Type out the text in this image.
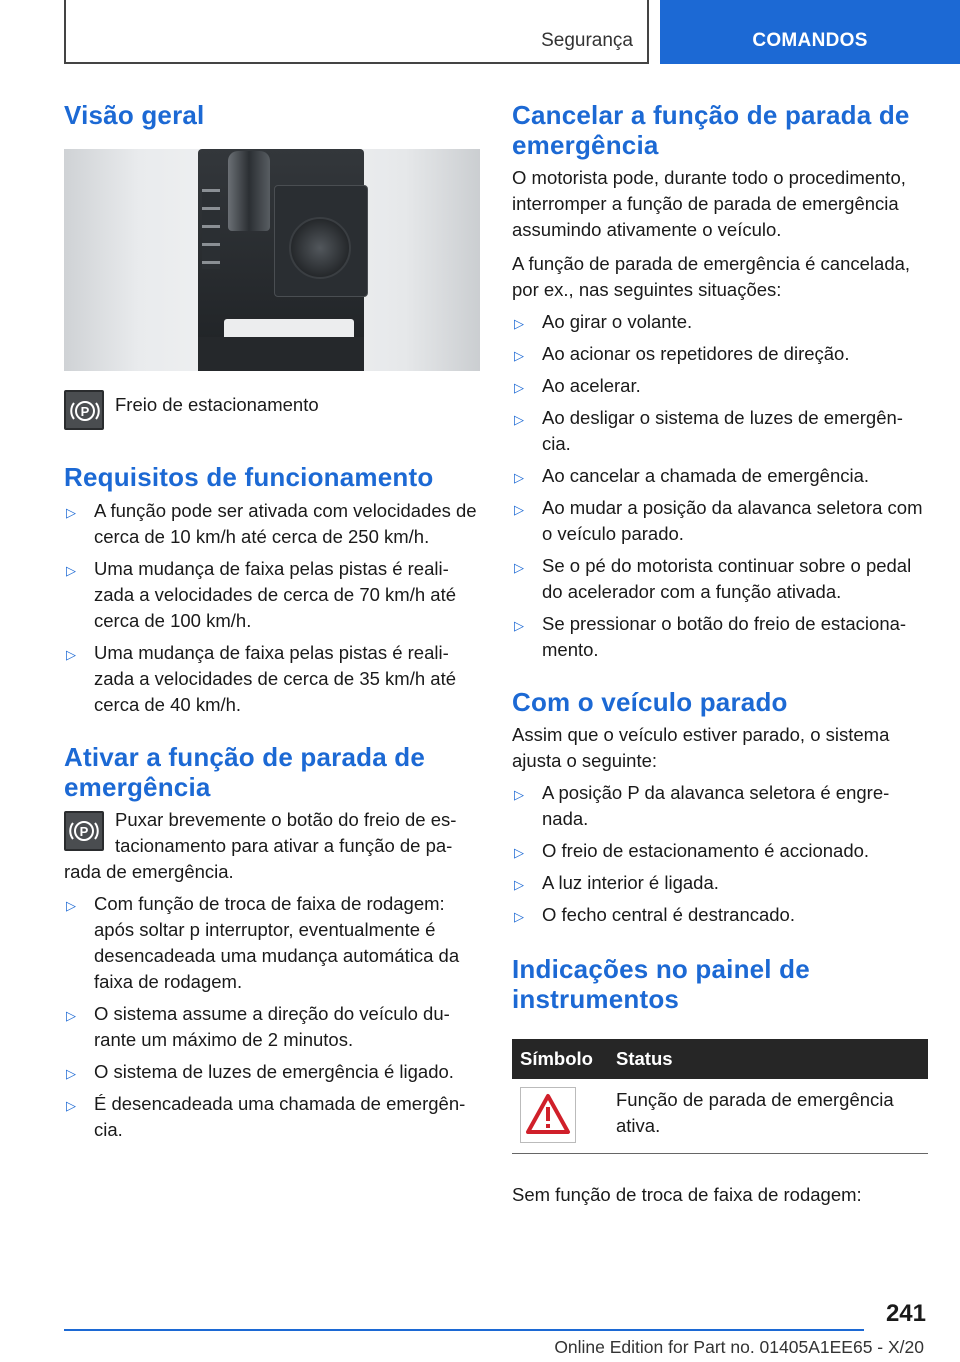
Segurança	COMANDOS
Visão geral
P	Freio de estacionamento
Requisitos de funcionamento
▷ A função pode ser ativada com velocidades de cerca de 10 km/h até cerca de 250 km/h.
▷ Uma mudança de faixa pelas pistas é reali‐zada a velocidades de cerca de 70 km/h até cerca de 100 km/h.
▷ Uma mudança de faixa pelas pistas é reali‐zada a velocidades de cerca de 35 km/h até cerca de 40 km/h.
Ativar a função de parada de emergência

P
Puxar brevemente o botão do freio de es‐tacionamento para ativar a função de pa‐rada de emergência.

▷ Com função de troca de faixa de rodagem: após soltar p interruptor, eventualmente é desencadeada uma mudança automática da faixa de rodagem.
▷ O sistema assume a direção do veículo du‐rante um máximo de 2 minutos.
▷ O sistema de luzes de emergência é ligado.
▷ É desencadeada uma chamada de emergên‐cia.
Cancelar a função de parada de emergência

O motorista pode, durante todo o procedimento, interromper a função de parada de emergência assumindo ativamente o veículo.

A função de parada de emergência é cancelada, por ex., nas seguintes situações:

▷ Ao girar o volante.
▷ Ao acionar os repetidores de direção.
▷ Ao acelerar.
▷ Ao desligar o sistema de luzes de emergên‐cia.
▷ Ao cancelar a chamada de emergência.
▷ Ao mudar a posição da alavanca seletora com o veículo parado.
▷ Se o pé do motorista continuar sobre o pedal do acelerador com a função ativada.
▷ Se pressionar o botão do freio de estaciona‐mento.
Com o veículo parado

Assim que o veículo estiver parado, o sistema ajusta o seguinte:

▷ A posição P da alavanca seletora é engre‐nada.
▷ O freio de estacionamento é accionado.
▷ A luz interior é ligada.
▷ O fecho central é destrancado.
Indicações no painel de instrumentos
Símbolo	Status

	Função de parada de emergência ativa.

Sem função de troca de faixa de rodagem:

241
Online Edition for Part no. 01405A1EE65 - X/20
